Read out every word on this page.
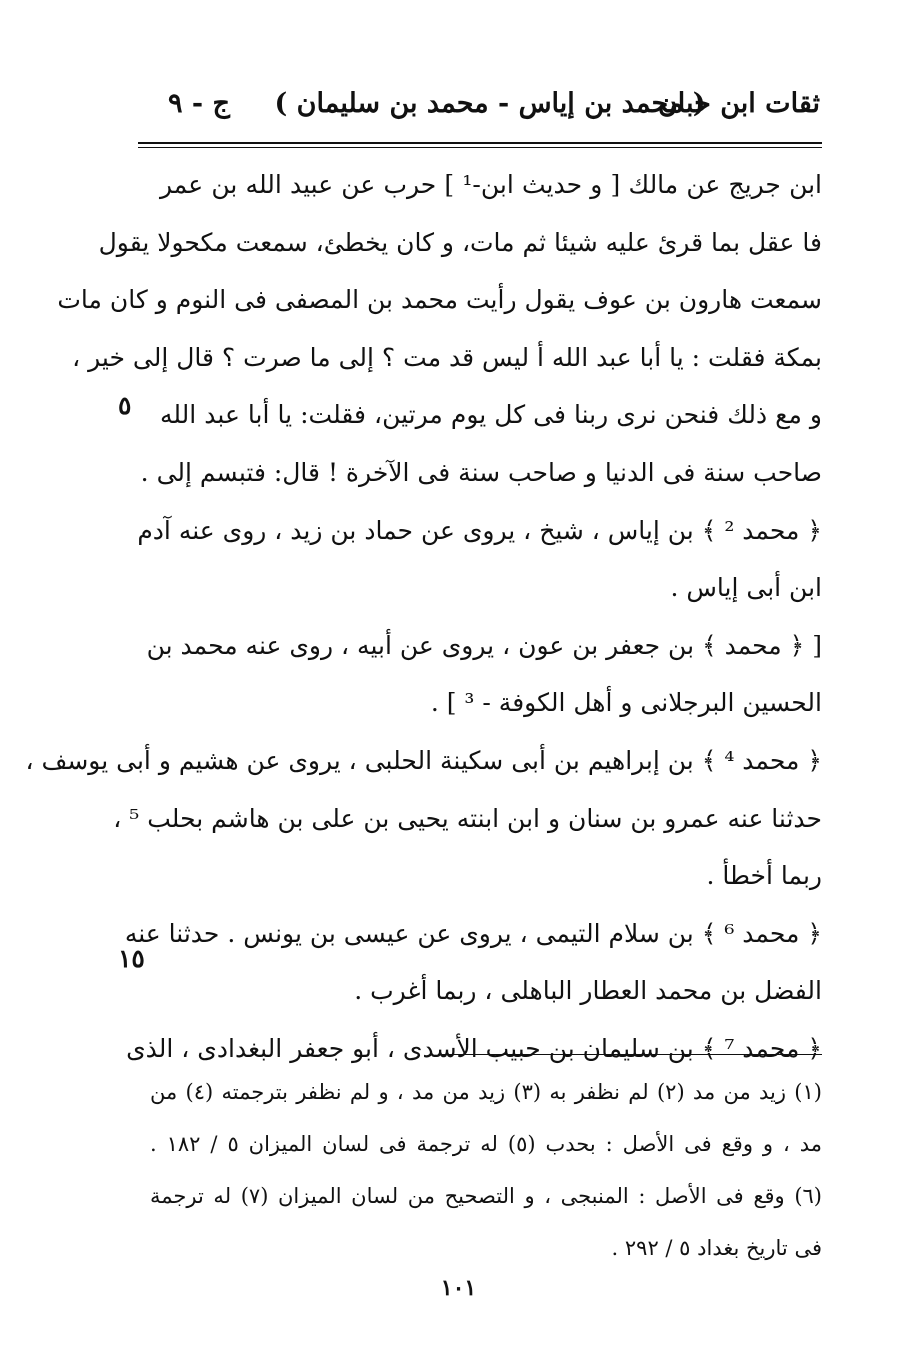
ثقات ابن حبان
( محمد بن إياس - محمد بن سليمان )
ج - ٩
ابن جريج عن مالك [ و حديث ابن-¹ ] حرب عن عبيد الله بن عمر
فا عقل بما قرئ عليه شيئا ثم مات، و كان يخطئ، سمعت مكحولا يقول
سمعت هارون بن عوف يقول رأيت محمد بن المصفى فى النوم و كان مات
بمكة فقلت : يا أبا عبد الله أ ليس قد مت ؟ إلى ما صرت ؟ قال إلى خير ،
و مع ذلك فنحن نرى ربنا فى كل يوم مرتين، فقلت: يا أبا عبد الله
صاحب سنة فى الدنيا و صاحب سنة فى الآخرة ! قال: فتبسم إلى .
﴿ محمد ² ﴾ بن إياس ، شيخ ، يروى عن حماد بن زيد ، روى عنه آدم
ابن أبى إياس .
[ ﴿ محمد ﴾ بن جعفر بن عون ، يروى عن أبيه ، روى عنه محمد بن
الحسين البرجلانى و أهل الكوفة - ³ ] .
﴿ محمد ⁴ ﴾ بن إبراهيم بن أبى سكينة الحلبى ، يروى عن هشيم و أبى يوسف ،
حدثنا عنه عمرو بن سنان و ابن ابنته يحيى بن على بن هاشم بحلب ⁵ ،
ربما أخطأ .
﴿ محمد ⁶ ﴾ بن سلام التيمى ، يروى عن عيسى بن يونس . حدثنا عنه
الفضل بن محمد العطار الباهلى ، ربما أغرب .
﴿ محمد ⁷ ﴾ بن سليمان بن حبيب الأسدى ، أبو جعفر البغدادى ، الذى
٥
١٥
(١) زيد من مد (٢) لم نظفر به (٣) زيد من مد ، و لم نظفر بترجمته (٤) من
مد ، و وقع فى الأصل : بحدب (٥) له ترجمة فى لسان الميزان ٥ / ١٨٢ .
(٦) وقع فى الأصل : المنبجى ، و التصحيح من لسان الميزان (٧) له ترجمة
فى تاريخ بغداد ٥ / ٢٩٢ .
١٠١
